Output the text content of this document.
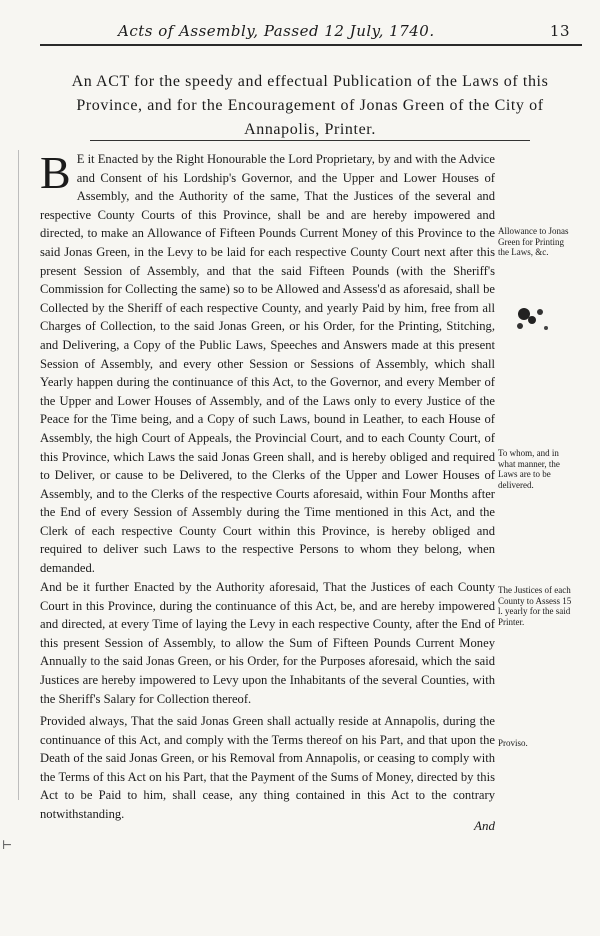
Acts of Assembly, Passed 12 July, 1740.	13
An ACT for the speedy and effectual Publication of the Laws of this Province, and for the Encouragement of Jonas Green of the City of Annapolis, Printer.
B E it Enacted by the Right Honourable the Lord Proprietary, by and with the Advice and Consent of his Lordship's Governor, and the Upper and Lower Houses of Assembly, and the Authority of the same, That the Justices of the several and respective County Courts of this Province, shall be and are hereby impowered and directed, to make an Allowance of Fifteen Pounds Current Money of this Province to the said Jonas Green, in the Levy to be laid for each respective County Court next after this present Session of Assembly, and that the said Fifteen Pounds (with the Sheriff's Commission for Collecting the same) so to be Allowed and Assess'd as aforesaid, shall be Collected by the Sheriff of each respective County, and yearly Paid by him, free from all Charges of Collection, to the said Jonas Green, or his Order, for the Printing, Stitching, and Delivering, a Copy of the Public Laws, Speeches and Answers made at this present Session of Assembly, and every other Session or Sessions of Assembly, which shall Yearly happen during the continuance of this Act, to the Governor, and every Member of the Upper and Lower Houses of Assembly, and of the Laws only to every Justice of the Peace for the Time being, and a Copy of such Laws, bound in Leather, to each House of Assembly, the high Court of Appeals, the Provincial Court, and to each County Court, of this Province, which Laws the said Jonas Green shall, and is hereby obliged and required to Deliver, or cause to be Delivered, to the Clerks of the Upper and Lower Houses of Assembly, and to the Clerks of the respective Courts aforesaid, within Four Months after the End of every Session of Assembly during the Time mentioned in this Act, and the Clerk of each respective County Court within this Province, is hereby obliged and required to deliver such Laws to the respective Persons to whom they belong, when demanded.
And be it further Enacted by the Authority aforesaid, That the Justices of each County Court in this Province, during the continuance of this Act, be, and are hereby impowered and directed, at every Time of laying the Levy in each respective County, after the End of this present Session of Assembly, to allow the Sum of Fifteen Pounds Current Money Annually to the said Jonas Green, or his Order, for the Purposes aforesaid, which the said Justices are hereby impowered to Levy upon the Inhabitants of the several Counties, with the Sheriff's Salary for Collection thereof.
Provided always, That the said Jonas Green shall actually reside at Annapolis, during the continuance of this Act, and comply with the Terms thereof on his Part, and that upon the Death of the said Jonas Green, or his Removal from Annapolis, or ceasing to comply with the Terms of this Act on his Part, that the Payment of the Sums of Money, directed by this Act to be Paid to him, shall cease, any thing contained in this Act to the contrary notwithstanding.
Allowance to Jonas Green for Printing the Laws, &c.
To whom, and in what manner, the Laws are to be delivered.
The Justices of each County to Assess 15 l. yearly for the said Printer.
Proviso.
⊢
And
